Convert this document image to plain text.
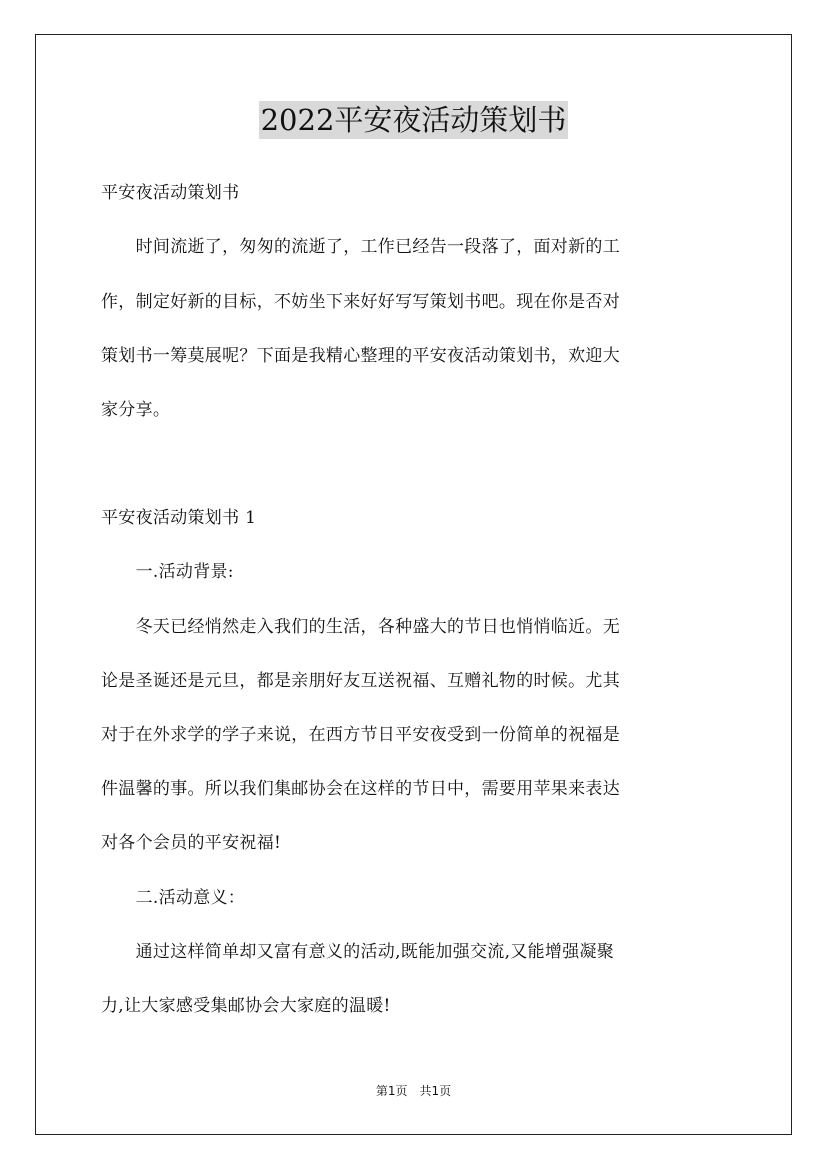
2022平安夜活动策划书
平安夜活动策划书
　　时间流逝了，匆匆的流逝了，工作已经告一段落了，面对新的工
作，制定好新的目标，不妨坐下来好好写写策划书吧。现在你是否对
策划书一筹莫展呢？下面是我精心整理的平安夜活动策划书，欢迎大
家分享。
平安夜活动策划书 1
　　一.活动背景:
　　冬天已经悄然走入我们的生活，各种盛大的节日也悄悄临近。无
论是圣诞还是元旦，都是亲朋好友互送祝福、互赠礼物的时候。尤其
对于在外求学的学子来说，在西方节日平安夜受到一份简单的祝福是
件温馨的事。所以我们集邮协会在这样的节日中，需要用苹果来表达
对各个会员的平安祝福!
　　二.活动意义：
　　通过这样简单却又富有意义的活动,既能加强交流,又能增强凝聚
力,让大家感受集邮协会大家庭的温暖!
第1页　共1页
